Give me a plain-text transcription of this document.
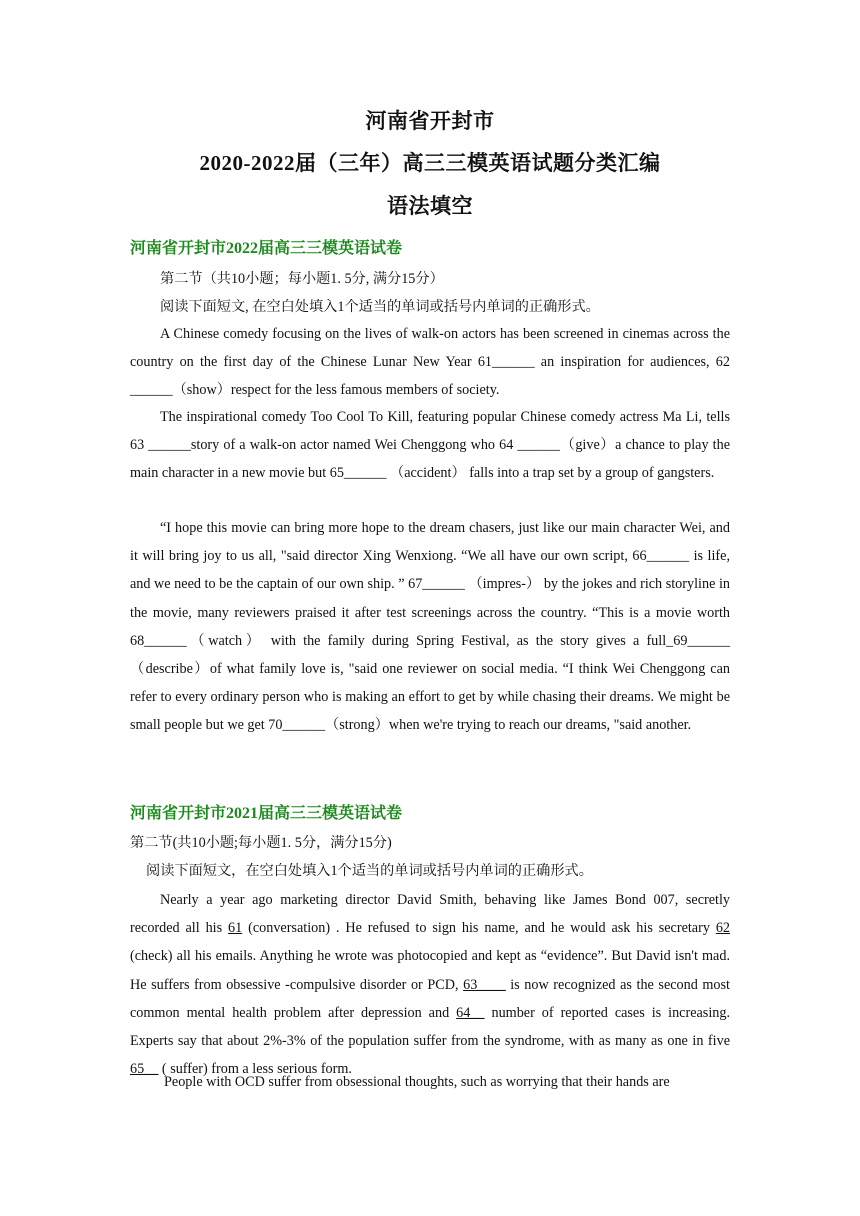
河南省开封市
2020-2022届（三年）高三三模英语试题分类汇编
语法填空
河南省开封市2022届高三三模英语试卷
第二节（共10小题；每小题1. 5分, 满分15分）
阅读下面短文, 在空白处填入1个适当的单词或括号内单词的正确形式。

A Chinese comedy focusing on the lives of walk-on actors has been screened in cinemas across the country on the first day of the Chinese Lunar New Year 61______ an inspiration for audiences, 62 ______（show）respect for the less famous members of society.

The inspirational comedy Too Cool To Kill, featuring popular Chinese comedy actress Ma Li, tells 63 ______story of a walk-on actor named Wei Chenggong who 64 ______（give）a chance to play the main character in a new movie but 65______ （accident） falls into a trap set by a group of gangsters.

“I hope this movie can bring more hope to the dream chasers, just like our main character Wei, and it will bring joy to us all, "said director Xing Wenxiong. “We all have our own script, 66______ is life, and we need to be the captain of our own ship. ” 67______ （impres-） by the jokes and rich storyline in the movie, many reviewers praised it after test screenings across the country. “This is a movie worth 68______（watch） with the family during Spring Festival, as the story gives a full_69______（describe）of what family love is, "said one reviewer on social media. “I think Wei Chenggong can refer to every ordinary person who is making an effort to get by while chasing their dreams. We might be small people but we get 70______（strong）when we're trying to reach our dreams, "said another.

河南省开封市2021届高三三模英语试卷
第二节(共10小题;每小题1. 5分，满分15分)
阅读下面短文，在空白处填入1个适当的单词或括号内单词的正确形式。

Nearly a year ago marketing director David Smith, behaving like James Bond 007, secretly recorded all his 61 (conversation) . He refused to sign his name, and he would ask his secretary 62 (check) all his emails. Anything he wrote was photocopied and kept as “evidence”. But David isn't mad. He suffers from obsessive -compulsive disorder or PCD, 63____ is now recognized as the second most common mental health problem after depression and 64__ number of reported cases is increasing. Experts say that about 2%-3% of the population suffer from the syndrome, with as many as one in five 65__ ( suffer) from a less serious form.

People with OCD suffer from obsessional thoughts, such as worrying that their hands are
